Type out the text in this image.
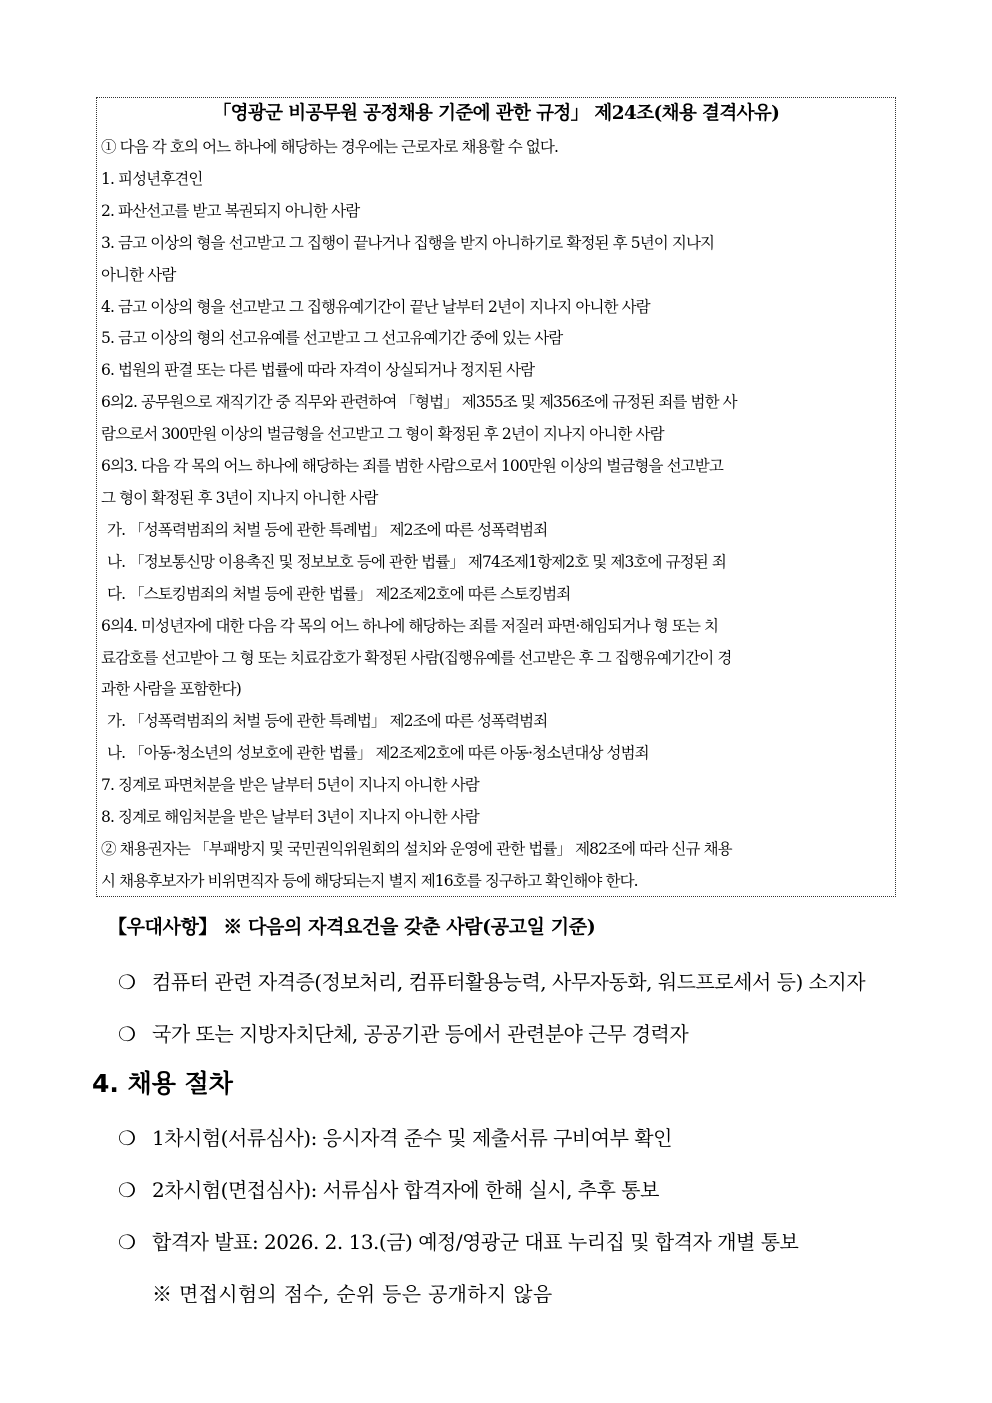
「영광군 비공무원 공정채용 기준에 관한 규정」 제24조(채용 결격사유)
① 다음 각 호의 어느 하나에 해당하는 경우에는 근로자로 채용할 수 없다.
1. 피성년후견인
2. 파산선고를 받고 복권되지 아니한 사람
3. 금고 이상의 형을 선고받고 그 집행이 끝나거나 집행을 받지 아니하기로 확정된 후 5년이 지나지
아니한 사람
4. 금고 이상의 형을 선고받고 그 집행유예기간이 끝난 날부터 2년이 지나지 아니한 사람
5. 금고 이상의 형의 선고유예를 선고받고 그 선고유예기간 중에 있는 사람
6. 법원의 판결 또는 다른 법률에 따라 자격이 상실되거나 정지된 사람
6의2. 공무원으로 재직기간 중 직무와 관련하여 「형법」 제355조 및 제356조에 규정된 죄를 범한 사
람으로서 300만원 이상의 벌금형을 선고받고 그 형이 확정된 후 2년이 지나지 아니한 사람
6의3. 다음 각 목의 어느 하나에 해당하는 죄를 범한 사람으로서 100만원 이상의 벌금형을 선고받고
그 형이 확정된 후 3년이 지나지 아니한 사람
가. 「성폭력범죄의 처벌 등에 관한 특례법」 제2조에 따른 성폭력범죄
나. 「정보통신망 이용촉진 및 정보보호 등에 관한 법률」 제74조제1항제2호 및 제3호에 규정된 죄
다. 「스토킹범죄의 처벌 등에 관한 법률」 제2조제2호에 따른 스토킹범죄
6의4. 미성년자에 대한 다음 각 목의 어느 하나에 해당하는 죄를 저질러 파면·해임되거나 형 또는 치
료감호를 선고받아 그 형 또는 치료감호가 확정된 사람(집행유예를 선고받은 후 그 집행유예기간이 경
과한 사람을 포함한다)
가. 「성폭력범죄의 처벌 등에 관한 특례법」 제2조에 따른 성폭력범죄
나. 「아동·청소년의 성보호에 관한 법률」 제2조제2호에 따른 아동·청소년대상 성범죄
7. 징계로 파면처분을 받은 날부터 5년이 지나지 아니한 사람
8. 징계로 해임처분을 받은 날부터 3년이 지나지 아니한 사람
② 채용권자는 「부패방지 및 국민권익위원회의 설치와 운영에 관한 법률」 제82조에 따라 신규 채용
시 채용후보자가 비위면직자 등에 해당되는지 별지 제16호를 징구하고 확인해야 한다.
【우대사항】 ※ 다음의 자격요건을 갖춘 사람(공고일 기준)
❍ 컴퓨터 관련 자격증(정보처리, 컴퓨터활용능력, 사무자동화, 워드프로세서 등) 소지자
❍ 국가 또는 지방자치단체, 공공기관 등에서 관련분야 근무 경력자
4. 채용 절차
❍ 1차시험(서류심사): 응시자격 준수 및 제출서류 구비여부 확인
❍ 2차시험(면접심사): 서류심사 합격자에 한해 실시, 추후 통보
❍ 합격자 발표: 2026. 2. 13.(금) 예정/영광군 대표 누리집 및 합격자 개별 통보
※ 면접시험의 점수, 순위 등은 공개하지 않음
